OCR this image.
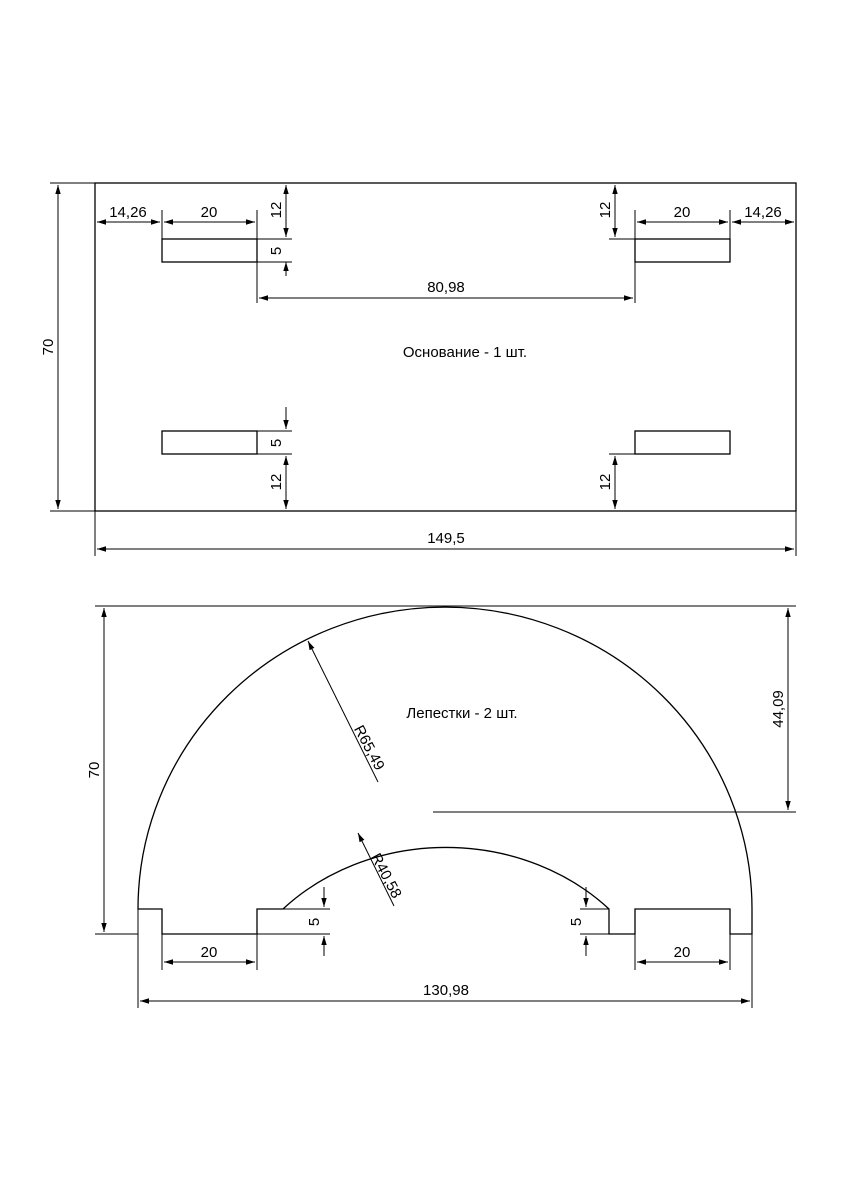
Основание - 1 шт.
70
149,5
14,26	20	20	14,26
12
5
12
80,98
5
12	12
Лепестки - 2 шт.
70
44,09
R65,49
R40,58
5	5
20	20
130,98
